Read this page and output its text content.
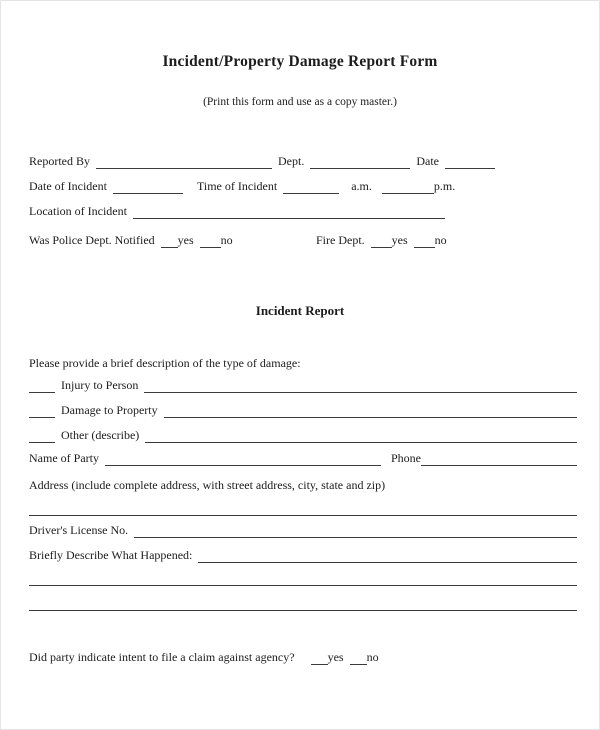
Incident/Property Damage Report Form
(Print this form and use as a copy master.)
Reported By	Dept.	Date
Date of Incident	Time of Incident	a.m.	p.m.
Location of Incident
Was Police Dept. Notified yes no	Fire Dept. yes no
Incident Report
Please provide a brief description of the type of damage:
Injury to Person
Damage to Property
Other (describe)
Name of Party	Phone
Address (include complete address, with street address, city, state and zip)
Driver's License No.
Briefly Describe What Happened:
Did party indicate intent to file a claim against agency?	yes no
